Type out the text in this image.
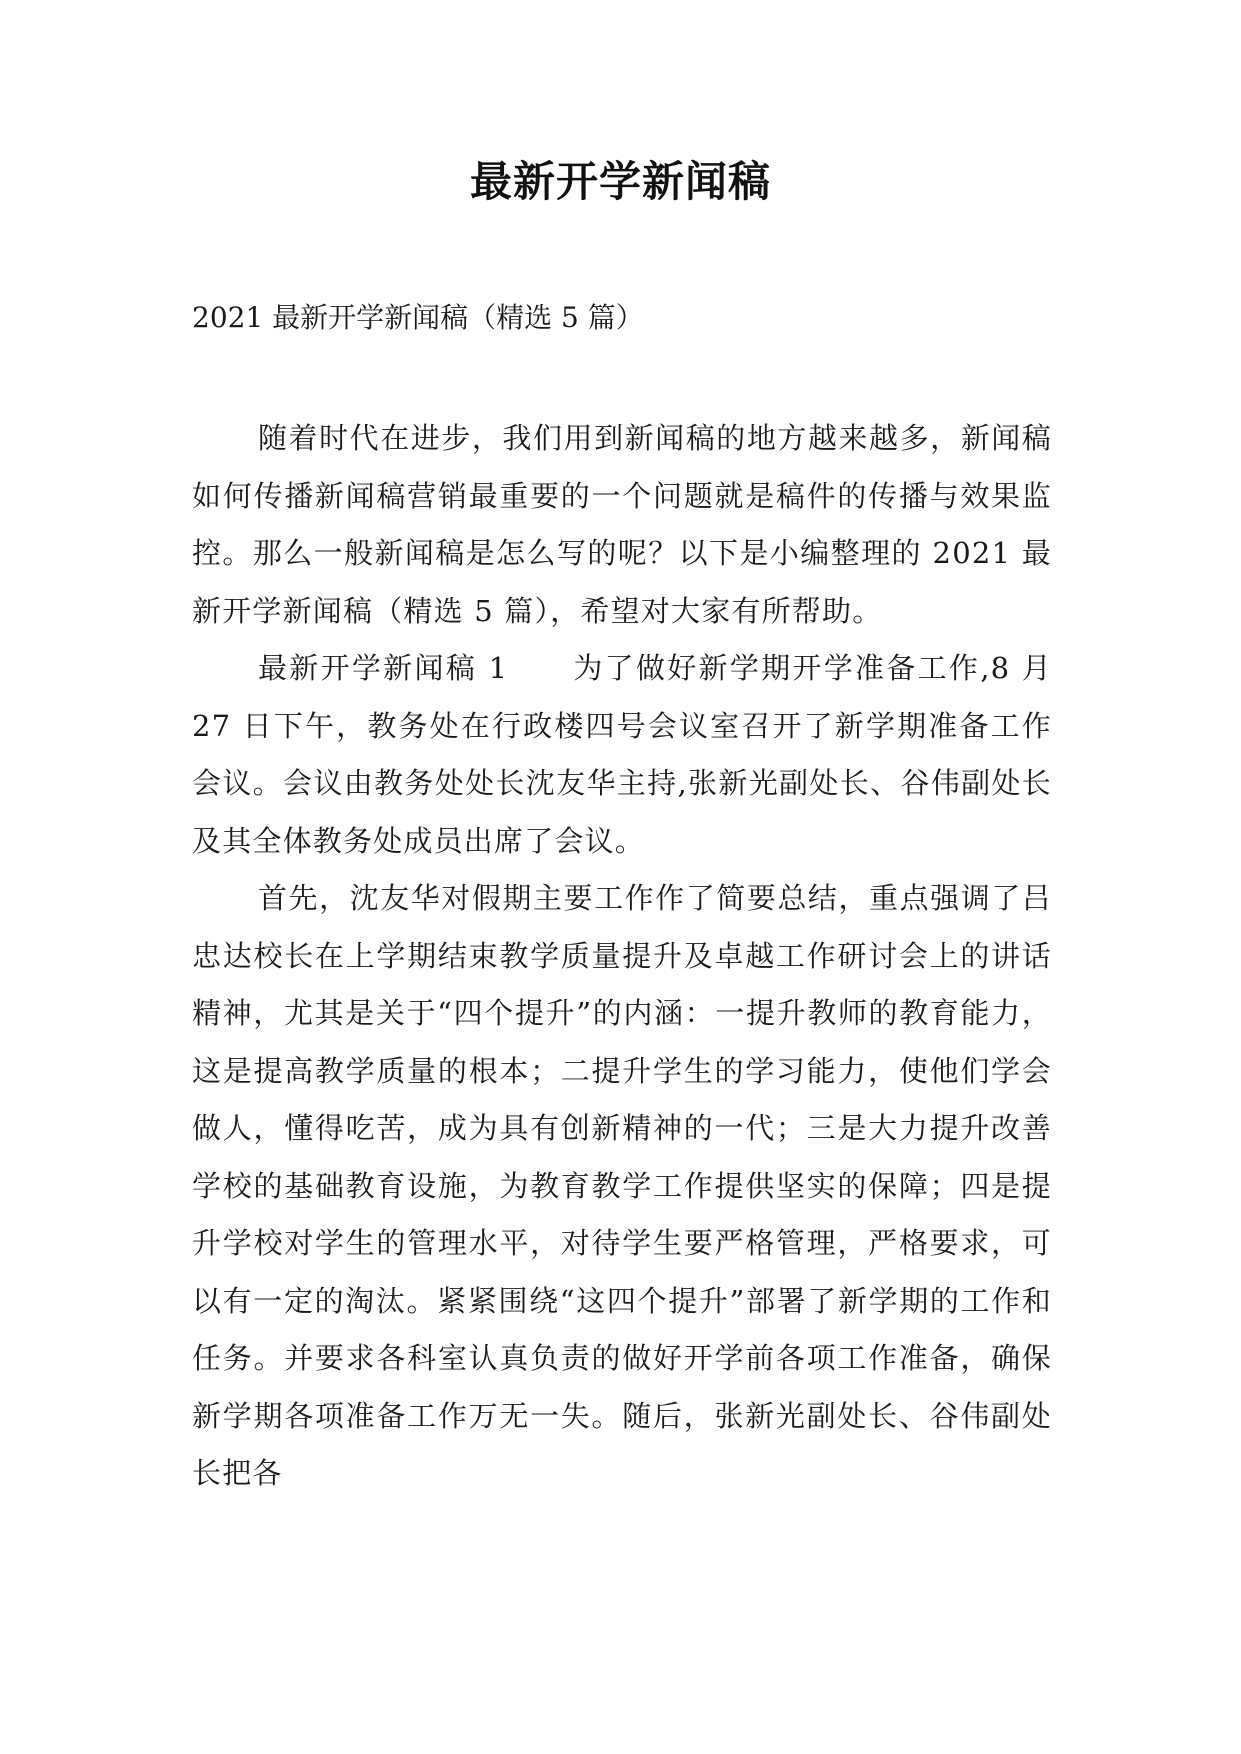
最新开学新闻稿
2021 最新开学新闻稿（精选 5 篇）

随着时代在进步，我们用到新闻稿的地方越来越多，新闻稿如何传播新闻稿营销最重要的一个问题就是稿件的传播与效果监控。那么一般新闻稿是怎么写的呢？以下是小编整理的 2021 最新开学新闻稿（精选 5 篇），希望对大家有所帮助。

最新开学新闻稿 1 为了做好新学期开学准备工作,8 月 27 日下午，教务处在行政楼四号会议室召开了新学期准备工作会议。会议由教务处处长沈友华主持,张新光副处长、谷伟副处长及其全体教务处成员出席了会议。

首先，沈友华对假期主要工作作了简要总结，重点强调了吕忠达校长在上学期结束教学质量提升及卓越工作研讨会上的讲话精神，尤其是关于“四个提升”的内涵：一提升教师的教育能力，这是提高教学质量的根本；二提升学生的学习能力，使他们学会做人，懂得吃苦，成为具有创新精神的一代；三是大力提升改善学校的基础教育设施，为教育教学工作提供坚实的保障；四是提升学校对学生的管理水平，对待学生要严格管理，严格要求，可以有一定的淘汰。紧紧围绕“这四个提升”部署了新学期的工作和任务。并要求各科室认真负责的做好开学前各项工作准备，确保新学期各项准备工作万无一失。随后，张新光副处长、谷伟副处长把各
